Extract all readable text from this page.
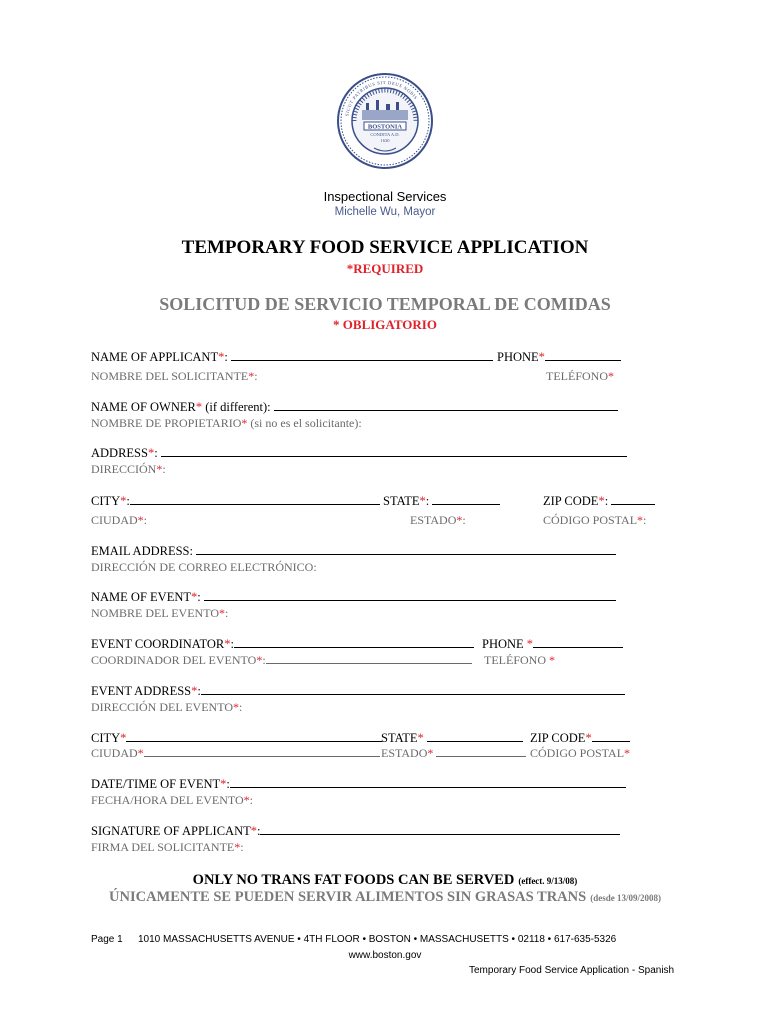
BOSTONIA
CONDITA A.D.
1630
SICUT PATRIBUS SIT DEUS NOBIS
Inspectional Services
Michelle Wu, Mayor
TEMPORARY FOOD SERVICE APPLICATION
*REQUIRED
SOLICITUD DE SERVICIO TEMPORAL DE COMIDAS
* OBLIGATORIO
NAME OF APPLICANT*:	PHONE*
NOMBRE DEL SOLICITANTE*:	TELÉFONO*
NAME OF OWNER* (if different):
NOMBRE DE PROPIETARIO* (si no es el solicitante):
ADDRESS*:
DIRECCIÓN*:
CITY*:	STATE*:	ZIP CODE*:
CIUDAD*:	ESTADO*:	CÓDIGO POSTAL*:
EMAIL ADDRESS:
DIRECCIÓN DE CORREO ELECTRÓNICO:
NAME OF EVENT*:
NOMBRE DEL EVENTO*:
EVENT COORDINATOR*:	PHONE *
COORDINADOR DEL EVENTO*:	TELÉFONO *
EVENT ADDRESS*:
DIRECCIÓN DEL EVENTO*:
CITY*	STATE*	ZIP CODE*
CIUDAD*	ESTADO*	CÓDIGO POSTAL*
DATE/TIME OF EVENT*:
FECHA/HORA DEL EVENTO*:
SIGNATURE OF APPLICANT*:
FIRMA DEL SOLICITANTE*:
ONLY NO TRANS FAT FOODS CAN BE SERVED (effect. 9/13/08)
ÚNICAMENTE SE PUEDEN SERVIR ALIMENTOS SIN GRASAS TRANS (desde 13/09/2008)
Page 1 1010 MASSACHUSETTS AVENUE • 4TH FLOOR • BOSTON • MASSACHUSETTS • 02118 • 617-635-5326
www.boston.gov
Temporary Food Service Application - Spanish
